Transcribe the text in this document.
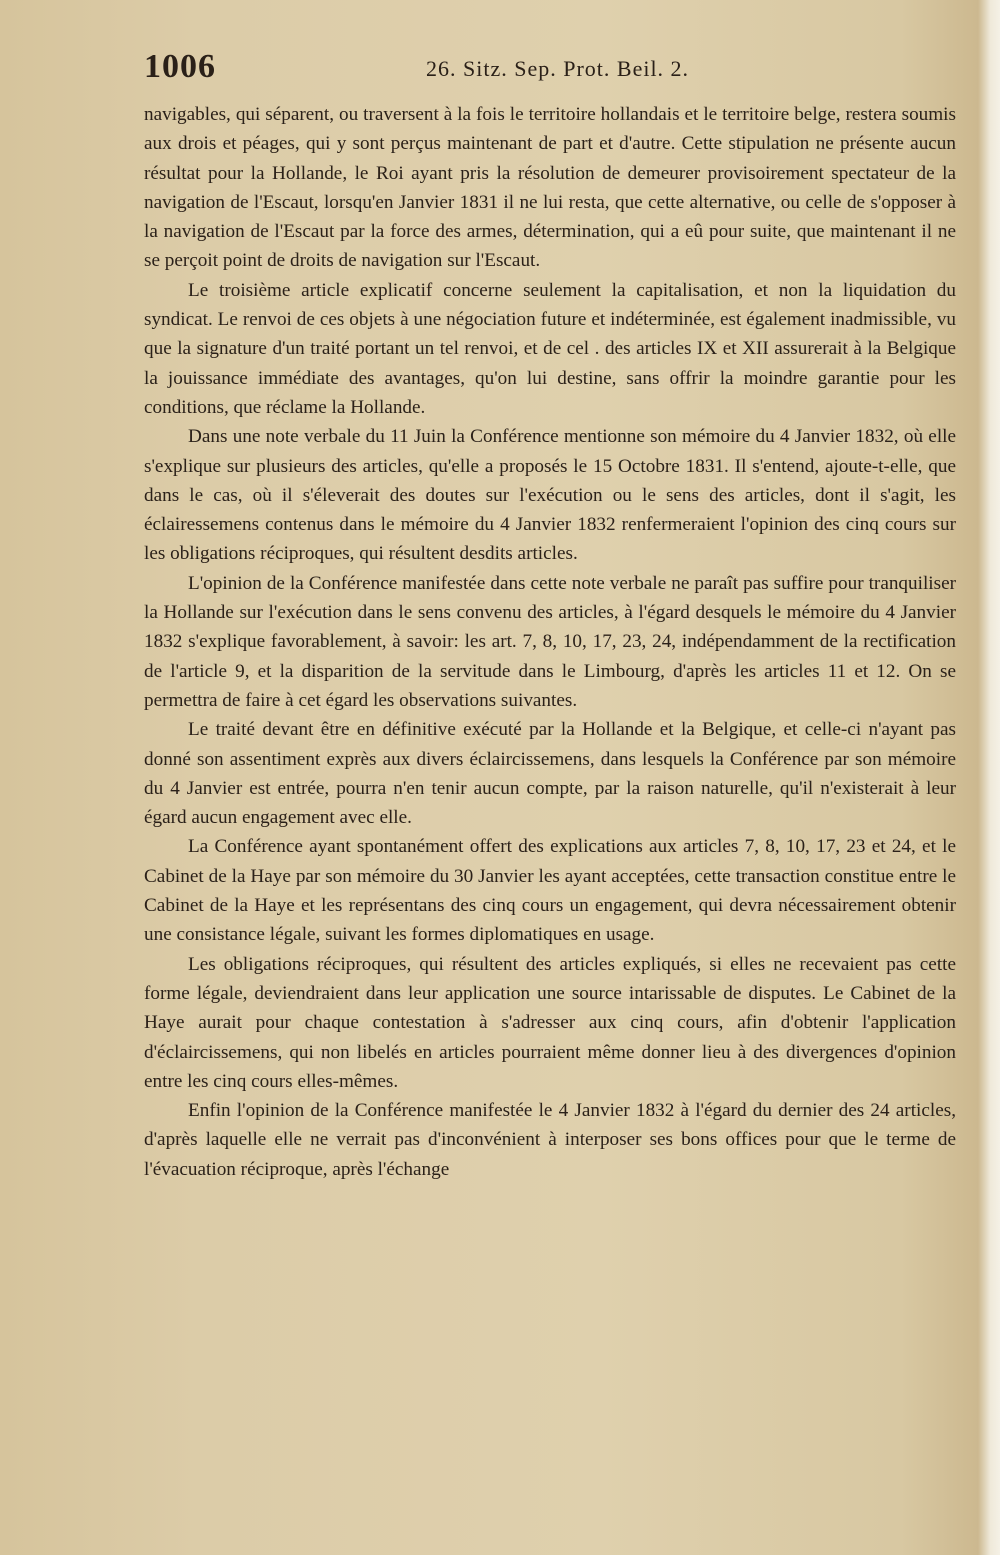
1006	26. Sitz. Sep. Prot. Beil. 2.

navigables, qui séparent, ou traversent à la fois le territoire hollandais et le territoire belge, restera soumis aux drois et péages, qui y sont perçus maintenant de part et d'autre. Cette stipulation ne présente aucun résultat pour la Hollande, le Roi ayant pris la résolution de demeurer provisoirement spectateur de la navigation de l'Escaut, lorsqu'en Janvier 1831 il ne lui resta, que cette alternative, ou celle de s'opposer à la navigation de l'Escaut par la force des armes, détermination, qui a eû pour suite, que maintenant il ne se perçoit point de droits de navigation sur l'Escaut.

Le troisième article explicatif concerne seulement la capitalisation, et non la liquidation du syndicat. Le renvoi de ces objets à une négociation future et indéterminée, est également inadmissible, vu que la signature d'un traité portant un tel renvoi, et de cel . des articles IX et XII assurerait à la Belgique la jouissance immédiate des avantages, qu'on lui destine, sans offrir la moindre garantie pour les conditions, que réclame la Hollande.

Dans une note verbale du 11 Juin la Conférence mentionne son mémoire du 4 Janvier 1832, où elle s'explique sur plusieurs des articles, qu'elle a proposés le 15 Octobre 1831. Il s'entend, ajoute-t-elle, que dans le cas, où il s'éleverait des doutes sur l'exécution ou le sens des articles, dont il s'agit, les éclairessemens contenus dans le mémoire du 4 Janvier 1832 renfermeraient l'opinion des cinq cours sur les obligations réciproques, qui résultent desdits articles.

L'opinion de la Conférence manifestée dans cette note verbale ne paraît pas suffire pour tranquiliser la Hollande sur l'exécution dans le sens convenu des articles, à l'égard desquels le mémoire du 4 Janvier 1832 s'explique favorablement, à savoir: les art. 7, 8, 10, 17, 23, 24, indépendamment de la rectification de l'article 9, et la disparition de la servitude dans le Limbourg, d'après les articles 11 et 12. On se permettra de faire à cet égard les observations suivantes.

Le traité devant être en définitive exécuté par la Hollande et la Belgique, et celle-ci n'ayant pas donné son assentiment exprès aux divers éclaircissemens, dans lesquels la Conférence par son mémoire du 4 Janvier est entrée, pourra n'en tenir aucun compte, par la raison naturelle, qu'il n'existerait à leur égard aucun engagement avec elle.

La Conférence ayant spontanément offert des explications aux articles 7, 8, 10, 17, 23 et 24, et le Cabinet de la Haye par son mémoire du 30 Janvier les ayant acceptées, cette transaction constitue entre le Cabinet de la Haye et les représentans des cinq cours un engagement, qui devra nécessairement obtenir une consistance légale, suivant les formes diplomatiques en usage.

Les obligations réciproques, qui résultent des articles expliqués, si elles ne recevaient pas cette forme légale, deviendraient dans leur application une source intarissable de disputes. Le Cabinet de la Haye aurait pour chaque contestation à s'adresser aux cinq cours, afin d'obtenir l'application d'éclaircissemens, qui non libelés en articles pourraient même donner lieu à des divergences d'opinion entre les cinq cours elles-mêmes.

Enfin l'opinion de la Conférence manifestée le 4 Janvier 1832 à l'égard du dernier des 24 articles, d'après laquelle elle ne verrait pas d'inconvénient à interposer ses bons offices pour que le terme de l'évacuation réciproque, après l'échange
